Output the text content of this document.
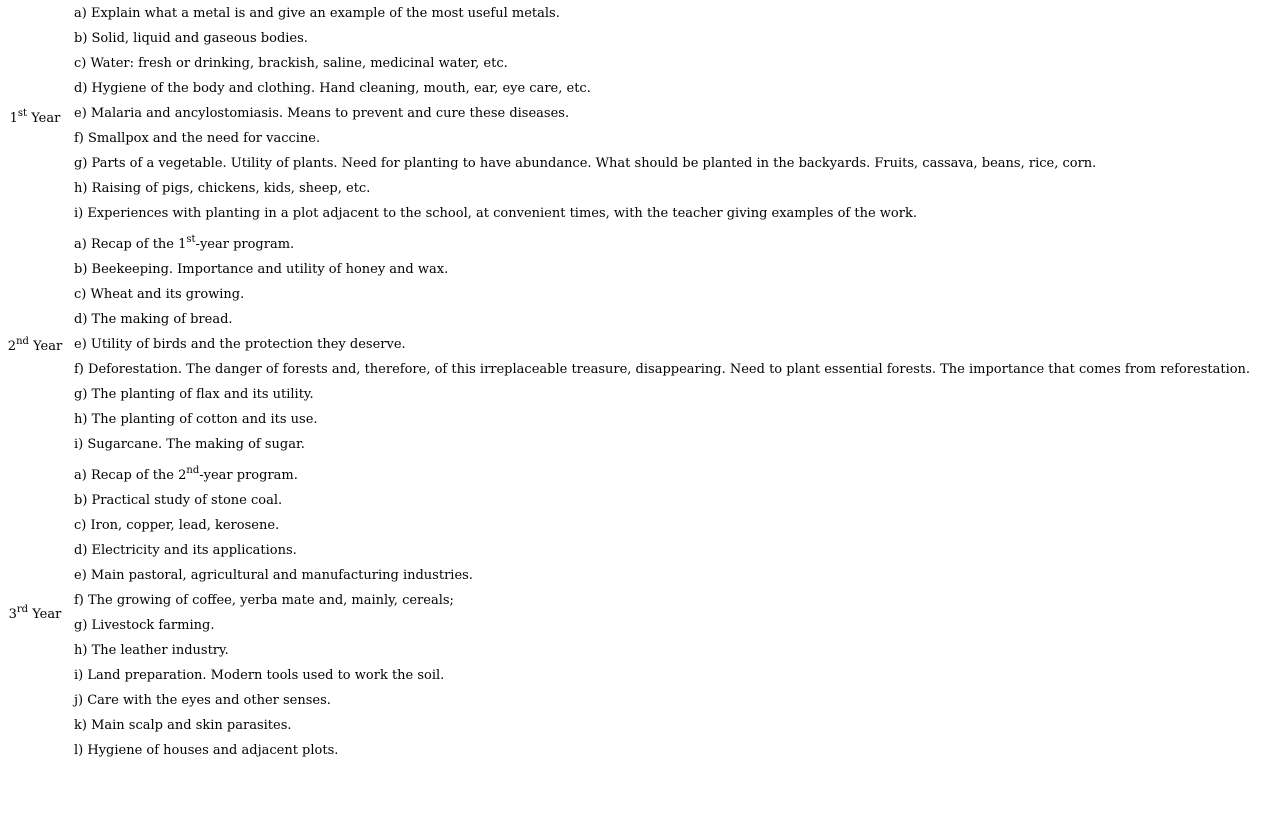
1st Year
a) Explain what a metal is and give an example of the most useful metals.
b) Solid, liquid and gaseous bodies.
c) Water: fresh or drinking, brackish, saline, medicinal water, etc.
d) Hygiene of the body and clothing. Hand cleaning, mouth, ear, eye care, etc.
e) Malaria and ancylostomiasis. Means to prevent and cure these diseases.
f) Smallpox and the need for vaccine.
g) Parts of a vegetable. Utility of plants. Need for planting to have abundance. What should be planted in the backyards. Fruits, cassava, beans, rice, corn.
h) Raising of pigs, chickens, kids, sheep, etc.
i) Experiences with planting in a plot adjacent to the school, at convenient times, with the teacher giving examples of the work.
2nd Year
a) Recap of the 1st-year program.
b) Beekeeping. Importance and utility of honey and wax.
c) Wheat and its growing.
d) The making of bread.
e) Utility of birds and the protection they deserve.
f) Deforestation. The danger of forests and, therefore, of this irreplaceable treasure, disappearing. Need to plant essential forests. The importance that comes from reforestation.
g) The planting of flax and its utility.
h) The planting of cotton and its use.
i) Sugarcane. The making of sugar.
3rd Year
a) Recap of the 2nd-year program.
b) Practical study of stone coal.
c) Iron, copper, lead, kerosene.
d) Electricity and its applications.
e) Main pastoral, agricultural and manufacturing industries.
f) The growing of coffee, yerba mate and, mainly, cereals;
g) Livestock farming.
h) The leather industry.
i) Land preparation. Modern tools used to work the soil.
j) Care with the eyes and other senses.
k) Main scalp and skin parasites.
l) Hygiene of houses and adjacent plots.
